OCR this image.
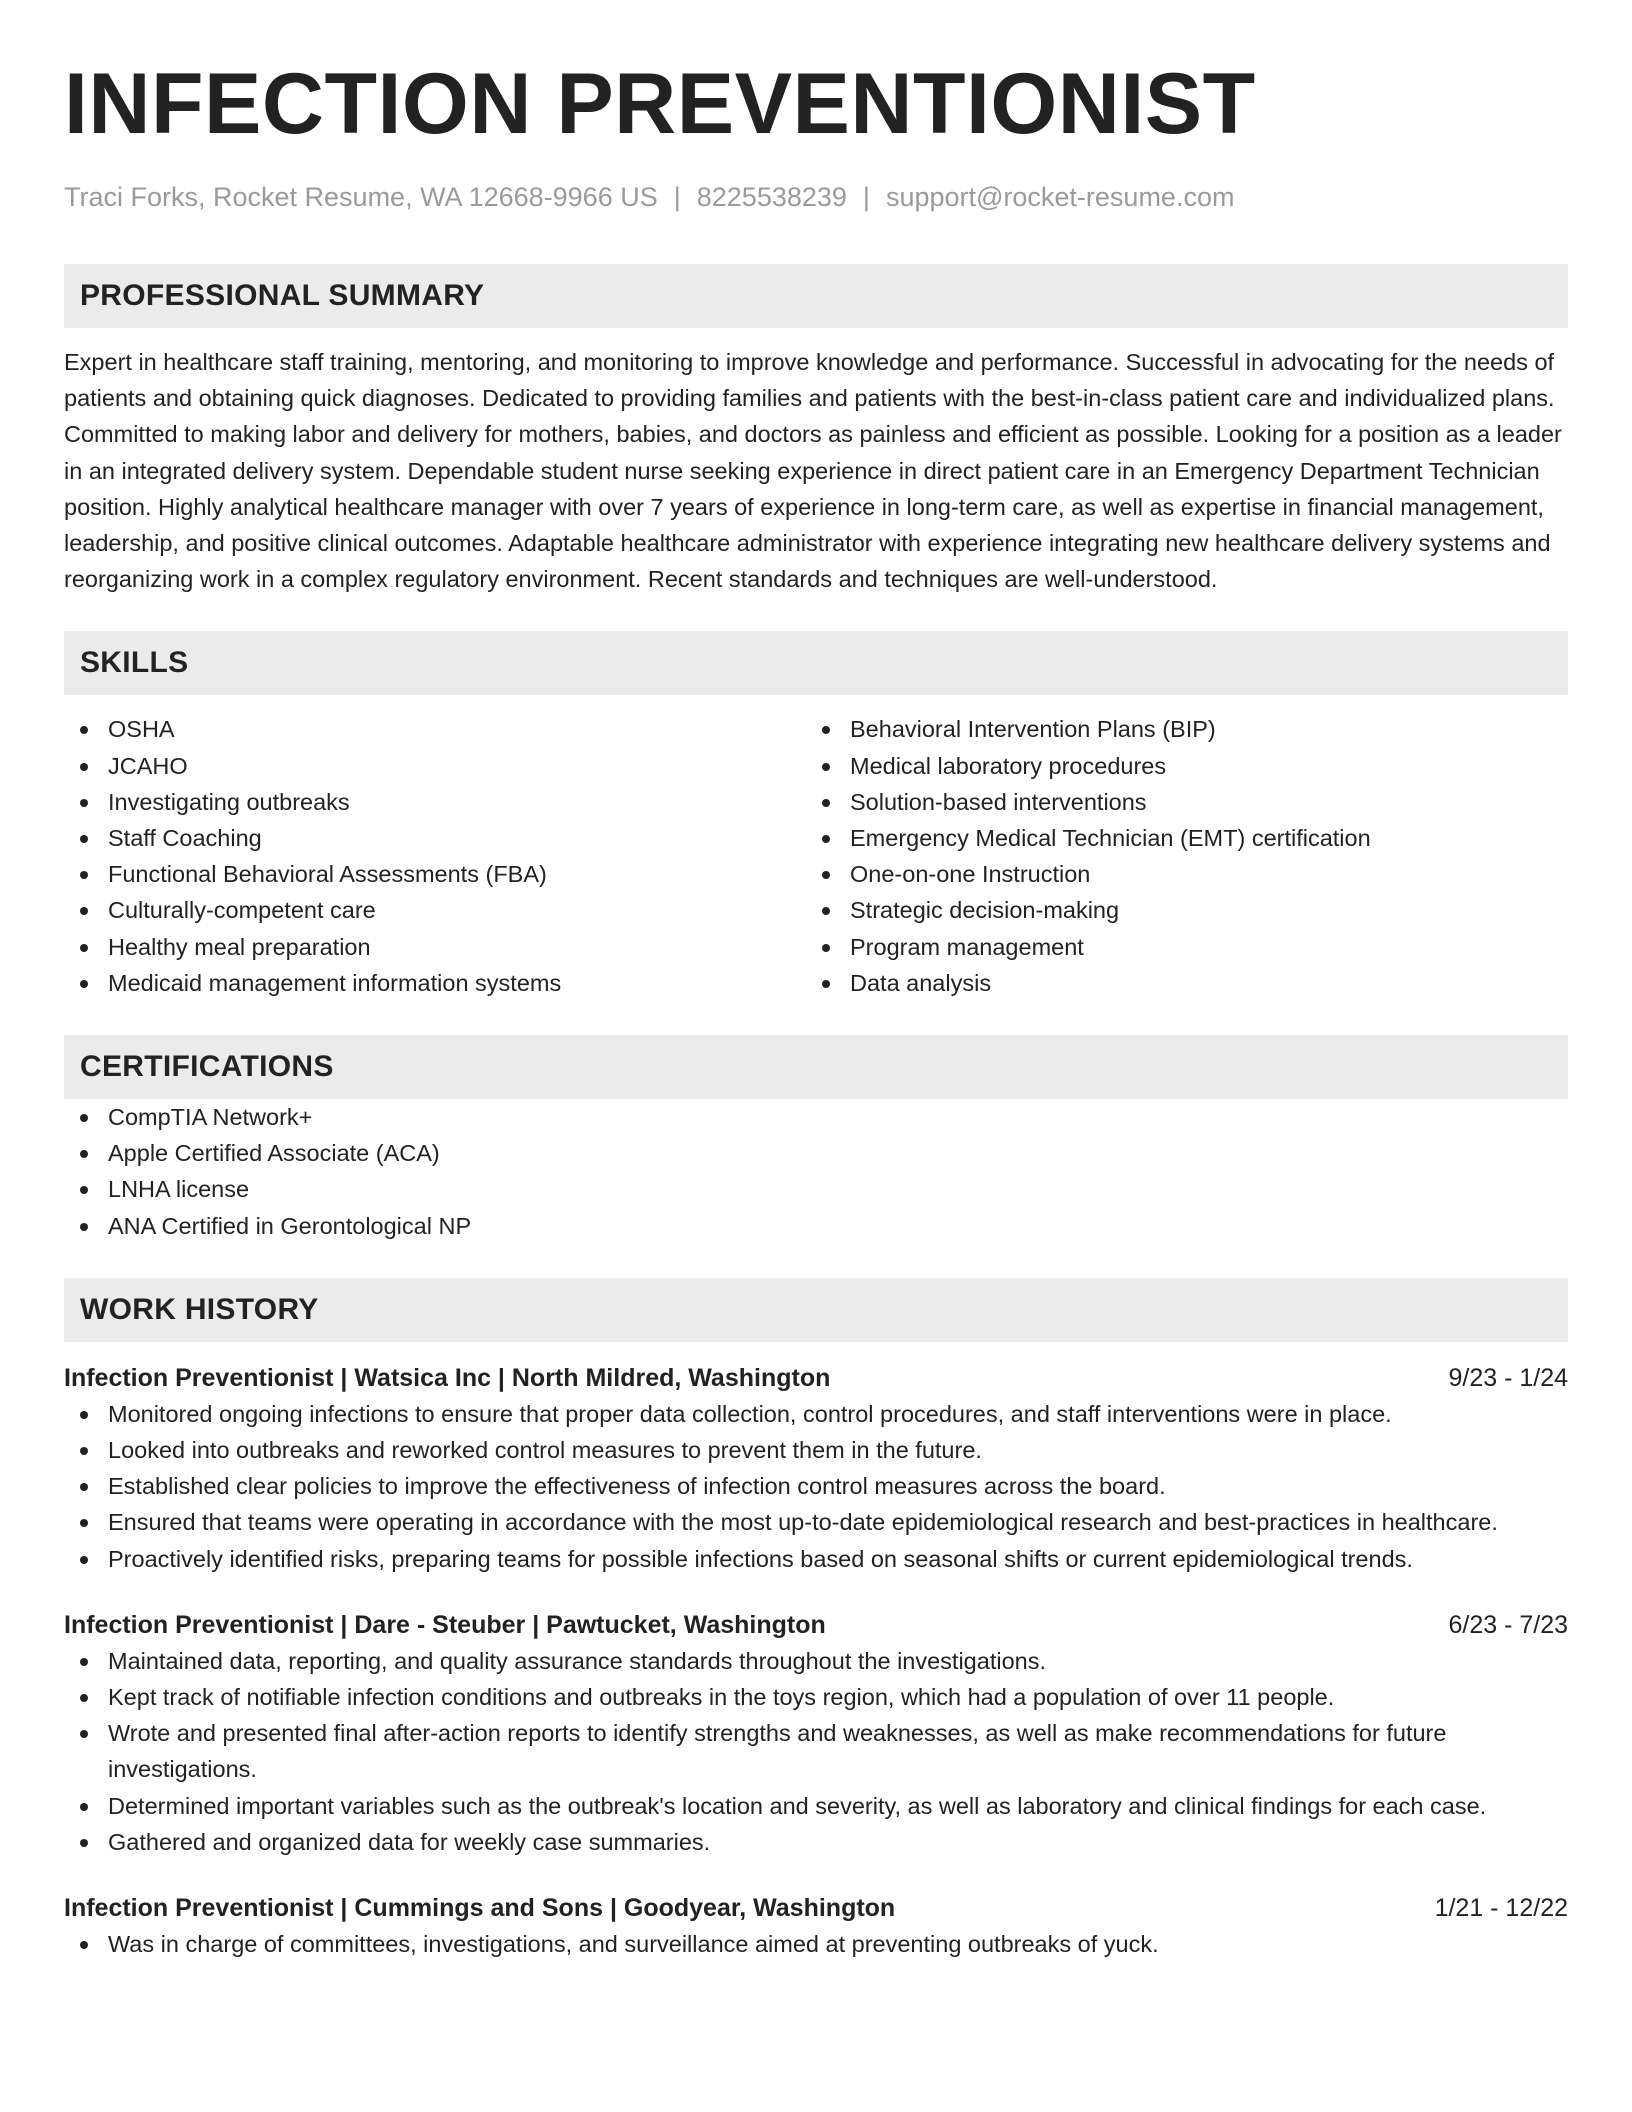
INFECTION PREVENTIONIST
Traci Forks, Rocket Resume, WA 12668-9966 US | 8225538239 | support@rocket-resume.com
PROFESSIONAL SUMMARY
Expert in healthcare staff training, mentoring, and monitoring to improve knowledge and performance. Successful in advocating for the needs of patients and obtaining quick diagnoses. Dedicated to providing families and patients with the best-in-class patient care and individualized plans. Committed to making labor and delivery for mothers, babies, and doctors as painless and efficient as possible. Looking for a position as a leader in an integrated delivery system. Dependable student nurse seeking experience in direct patient care in an Emergency Department Technician position. Highly analytical healthcare manager with over 7 years of experience in long-term care, as well as expertise in financial management, leadership, and positive clinical outcomes. Adaptable healthcare administrator with experience integrating new healthcare delivery systems and reorganizing work in a complex regulatory environment. Recent standards and techniques are well-understood.
SKILLS
OSHA
JCAHO
Investigating outbreaks
Staff Coaching
Functional Behavioral Assessments (FBA)
Culturally-competent care
Healthy meal preparation
Medicaid management information systems
Behavioral Intervention Plans (BIP)
Medical laboratory procedures
Solution-based interventions
Emergency Medical Technician (EMT) certification
One-on-one Instruction
Strategic decision-making
Program management
Data analysis
CERTIFICATIONS
CompTIA Network+
Apple Certified Associate (ACA)
LNHA license
ANA Certified in Gerontological NP
WORK HISTORY
Infection Preventionist | Watsica Inc | North Mildred, Washington	9/23 - 1/24
Monitored ongoing infections to ensure that proper data collection, control procedures, and staff interventions were in place.
Looked into outbreaks and reworked control measures to prevent them in the future.
Established clear policies to improve the effectiveness of infection control measures across the board.
Ensured that teams were operating in accordance with the most up-to-date epidemiological research and best-practices in healthcare.
Proactively identified risks, preparing teams for possible infections based on seasonal shifts or current epidemiological trends.
Infection Preventionist | Dare - Steuber | Pawtucket, Washington	6/23 - 7/23
Maintained data, reporting, and quality assurance standards throughout the investigations.
Kept track of notifiable infection conditions and outbreaks in the toys region, which had a population of over 11 people.
Wrote and presented final after-action reports to identify strengths and weaknesses, as well as make recommendations for future investigations.
Determined important variables such as the outbreak's location and severity, as well as laboratory and clinical findings for each case.
Gathered and organized data for weekly case summaries.
Infection Preventionist | Cummings and Sons | Goodyear, Washington	1/21 - 12/22
Was in charge of committees, investigations, and surveillance aimed at preventing outbreaks of yuck.
